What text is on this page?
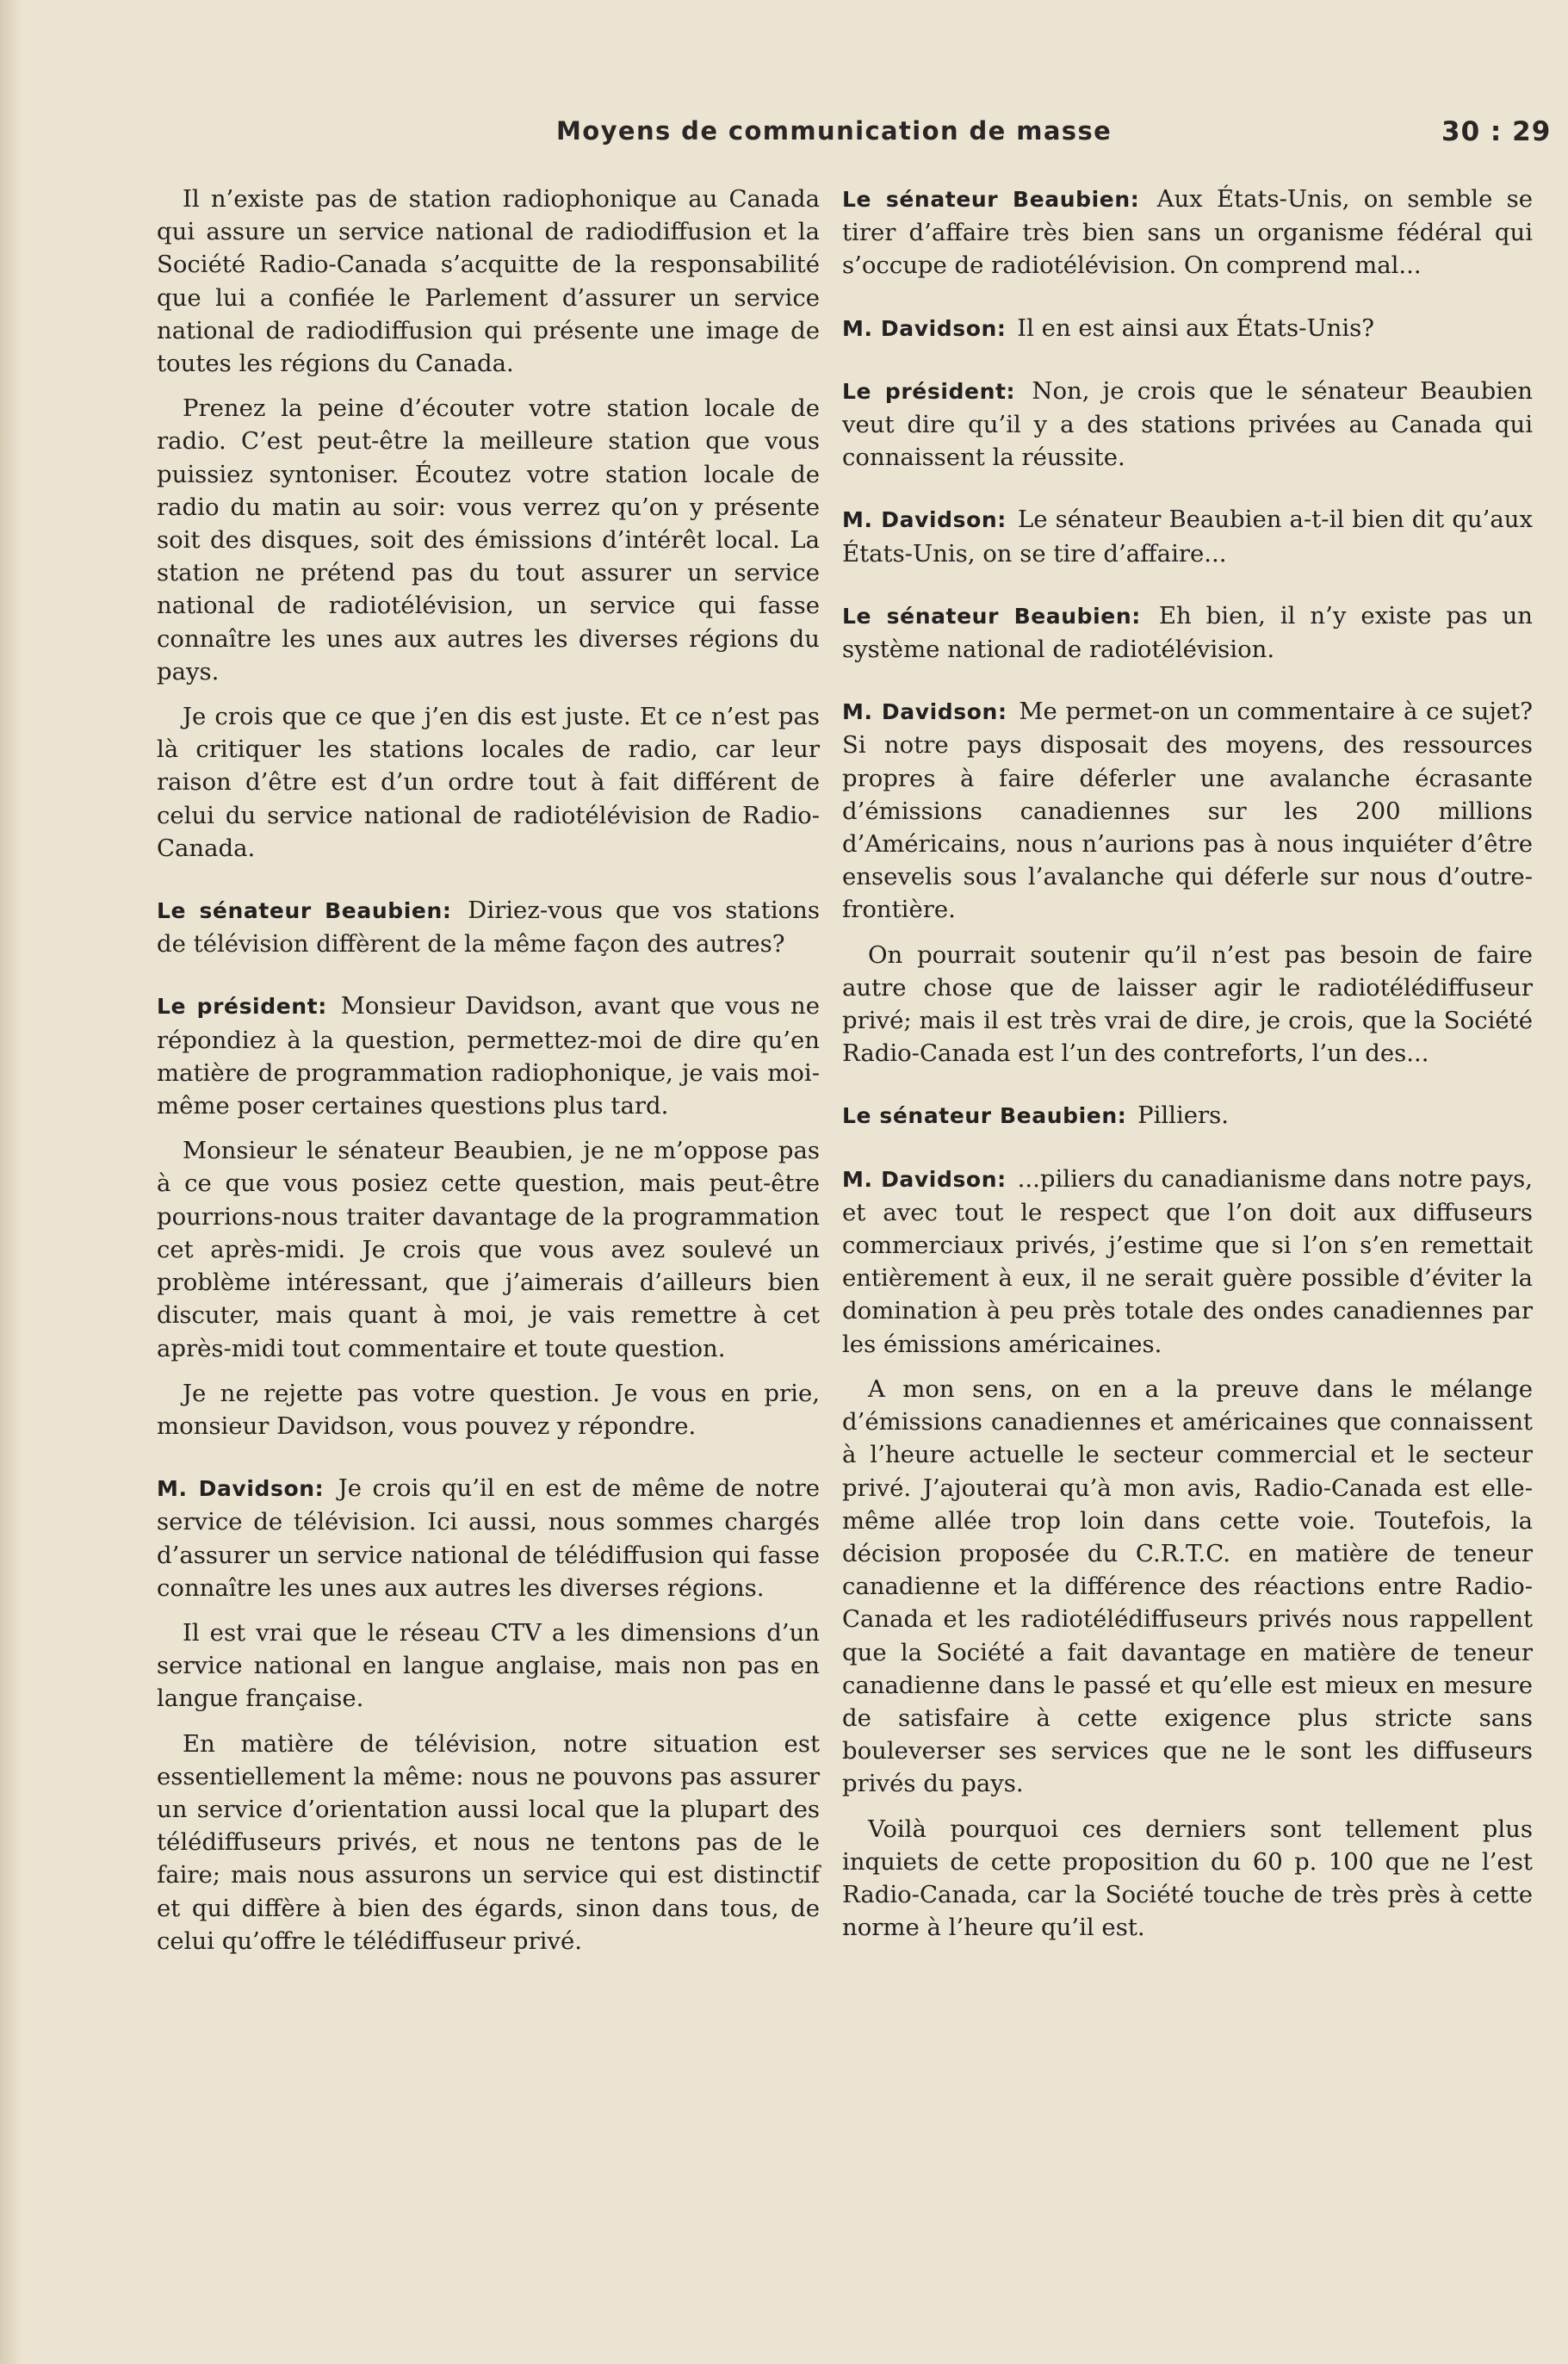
Moyens de communication de masse	30 : 29

Il n’existe pas de station radiophonique au Canada qui assure un service national de radiodiffusion et la Société Radio-Canada s’acquitte de la responsabilité que lui a confiée le Parlement d’assurer un service national de radiodiffusion qui présente une image de toutes les régions du Canada.

Prenez la peine d’écouter votre station locale de radio. C’est peut-être la meilleure station que vous puissiez syntoniser. Écoutez votre station locale de radio du matin au soir: vous verrez qu’on y présente soit des disques, soit des émissions d’intérêt local. La station ne prétend pas du tout assurer un service national de radiotélévision, un service qui fasse connaître les unes aux autres les diverses régions du pays.

Je crois que ce que j’en dis est juste. Et ce n’est pas là critiquer les stations locales de radio, car leur raison d’être est d’un ordre tout à fait différent de celui du service national de radiotélévision de Radio-Canada.

Le sénateur Beaubien: Diriez-vous que vos stations de télévision diffèrent de la même façon des autres?

Le président: Monsieur Davidson, avant que vous ne répondiez à la question, permettez-moi de dire qu’en matière de programmation radiophonique, je vais moi-même poser certaines questions plus tard.

Monsieur le sénateur Beaubien, je ne m’oppose pas à ce que vous posiez cette question, mais peut-être pourrions-nous traiter davantage de la programmation cet après-midi. Je crois que vous avez soulevé un problème intéressant, que j’aimerais d’ailleurs bien discuter, mais quant à moi, je vais remettre à cet après-midi tout commentaire et toute question.

Je ne rejette pas votre question. Je vous en prie, monsieur Davidson, vous pouvez y répondre.

M. Davidson: Je crois qu’il en est de même de notre service de télévision. Ici aussi, nous sommes chargés d’assurer un service national de télédiffusion qui fasse connaître les unes aux autres les diverses régions.

Il est vrai que le réseau CTV a les dimensions d’un service national en langue anglaise, mais non pas en langue française.

En matière de télévision, notre situation est essentiellement la même: nous ne pouvons pas assurer un service d’orientation aussi local que la plupart des télédiffuseurs privés, et nous ne tentons pas de le faire; mais nous assurons un service qui est distinctif et qui diffère à bien des égards, sinon dans tous, de celui qu’offre le télédiffuseur privé.

Le sénateur Beaubien: Aux États-Unis, on semble se tirer d’affaire très bien sans un organisme fédéral qui s’occupe de radiotélévision. On comprend mal...

M. Davidson: Il en est ainsi aux États-Unis?

Le président: Non, je crois que le sénateur Beaubien veut dire qu’il y a des stations privées au Canada qui connaissent la réussite.

M. Davidson: Le sénateur Beaubien a-t-il bien dit qu’aux États-Unis, on se tire d’affaire...

Le sénateur Beaubien: Eh bien, il n’y existe pas un système national de radiotélévision.

M. Davidson: Me permet-on un commentaire à ce sujet? Si notre pays disposait des moyens, des ressources propres à faire déferler une avalanche écrasante d’émissions canadiennes sur les 200 millions d’Américains, nous n’aurions pas à nous inquiéter d’être ensevelis sous l’avalanche qui déferle sur nous d’outre-frontière.

On pourrait soutenir qu’il n’est pas besoin de faire autre chose que de laisser agir le radiotélédiffuseur privé; mais il est très vrai de dire, je crois, que la Société Radio-Canada est l’un des contreforts, l’un des...

Le sénateur Beaubien: Pilliers.

M. Davidson: ...piliers du canadianisme dans notre pays, et avec tout le respect que l’on doit aux diffuseurs commerciaux privés, j’estime que si l’on s’en remettait entièrement à eux, il ne serait guère possible d’éviter la domination à peu près totale des ondes canadiennes par les émissions américaines.

A mon sens, on en a la preuve dans le mélange d’émissions canadiennes et américaines que connaissent à l’heure actuelle le secteur commercial et le secteur privé. J’ajouterai qu’à mon avis, Radio-Canada est elle-même allée trop loin dans cette voie. Toutefois, la décision proposée du C.R.T.C. en matière de teneur canadienne et la différence des réactions entre Radio-Canada et les radiotélédiffuseurs privés nous rappellent que la Société a fait davantage en matière de teneur canadienne dans le passé et qu’elle est mieux en mesure de satisfaire à cette exigence plus stricte sans bouleverser ses services que ne le sont les diffuseurs privés du pays.

Voilà pourquoi ces derniers sont tellement plus inquiets de cette proposition du 60 p. 100 que ne l’est Radio-Canada, car la Société touche de très près à cette norme à l’heure qu’il est.
